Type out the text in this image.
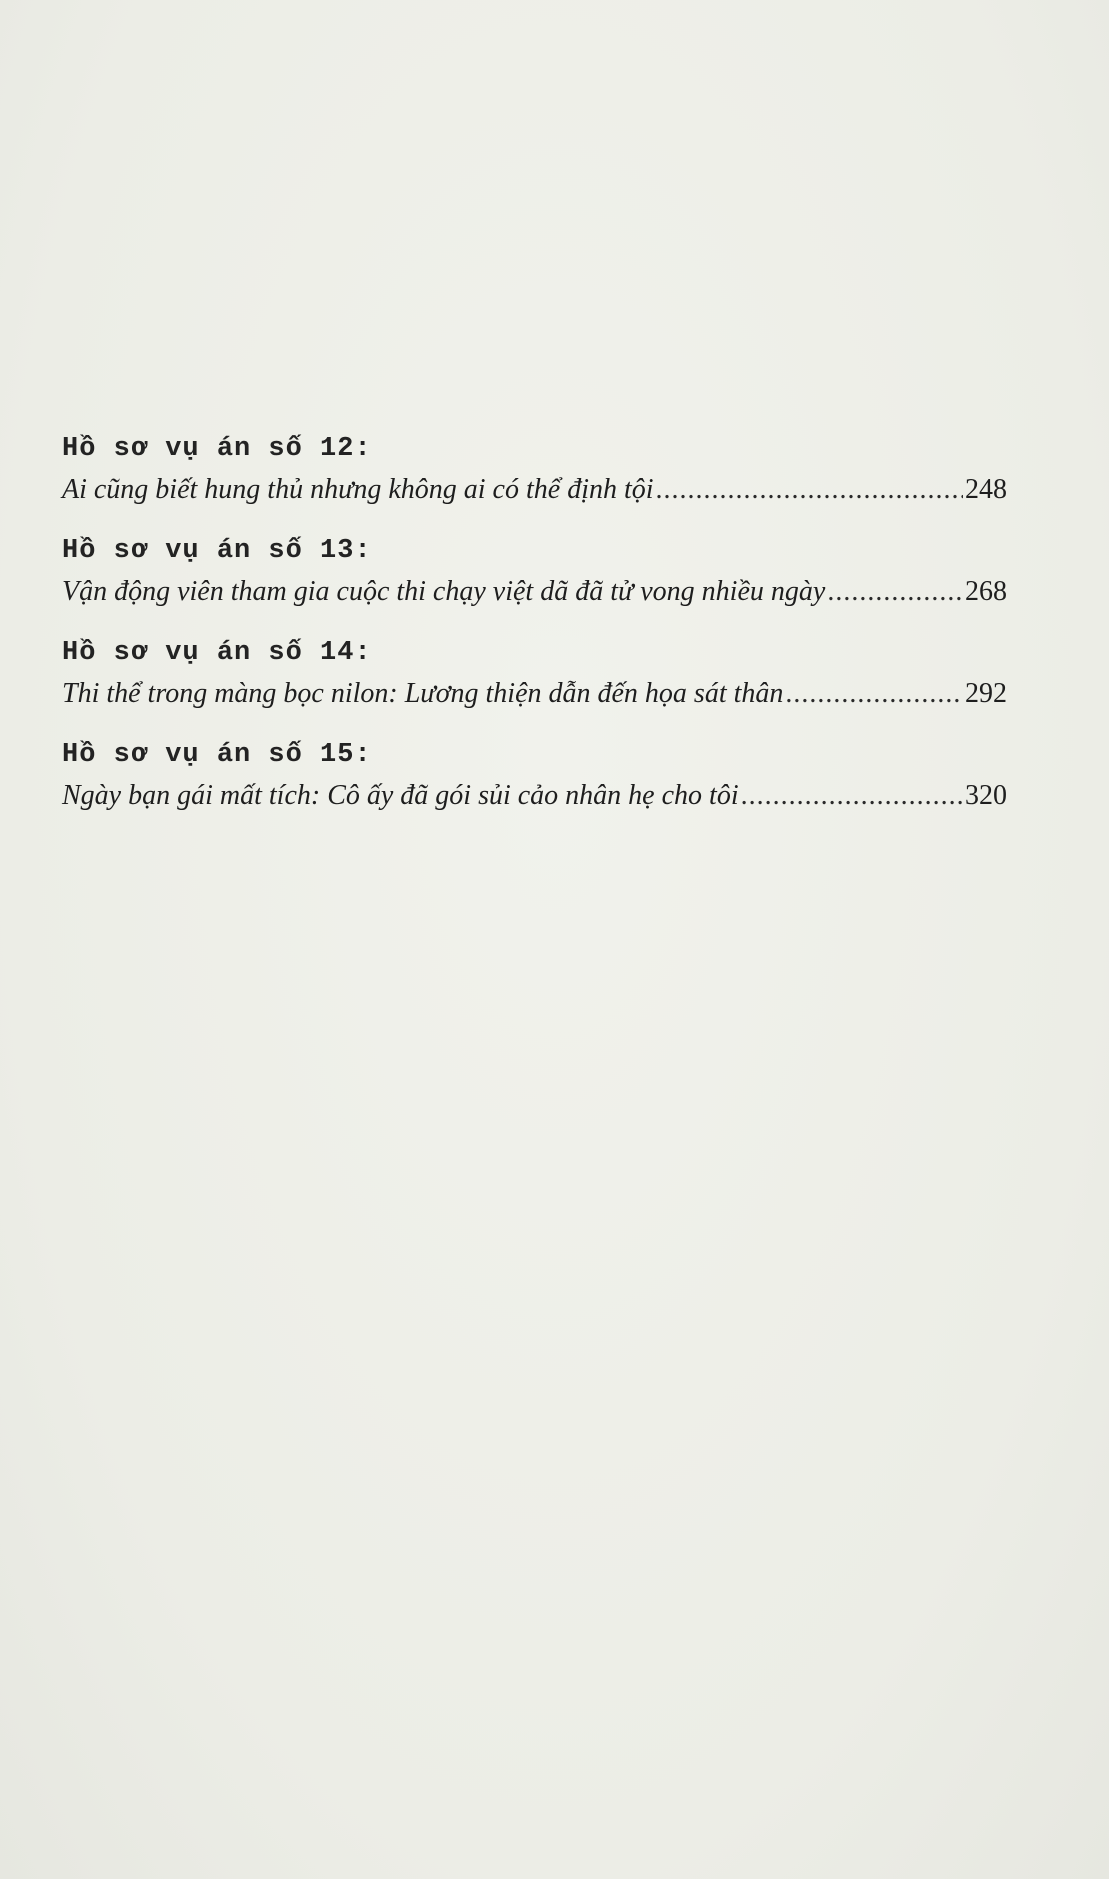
Hồ sơ vụ án số 12:
Ai cũng biết hung thủ nhưng không ai có thể định tội .....	248
Hồ sơ vụ án số 13:
Vận động viên tham gia cuộc thi chạy việt dã đã tử vong nhiều ngày .....	268
Hồ sơ vụ án số 14:
Thi thể trong màng bọc nilon: Lương thiện dẫn đến họa sát thân .....	292
Hồ sơ vụ án số 15:
Ngày bạn gái mất tích: Cô ấy đã gói sủi cảo nhân hẹ cho tôi .....	320
